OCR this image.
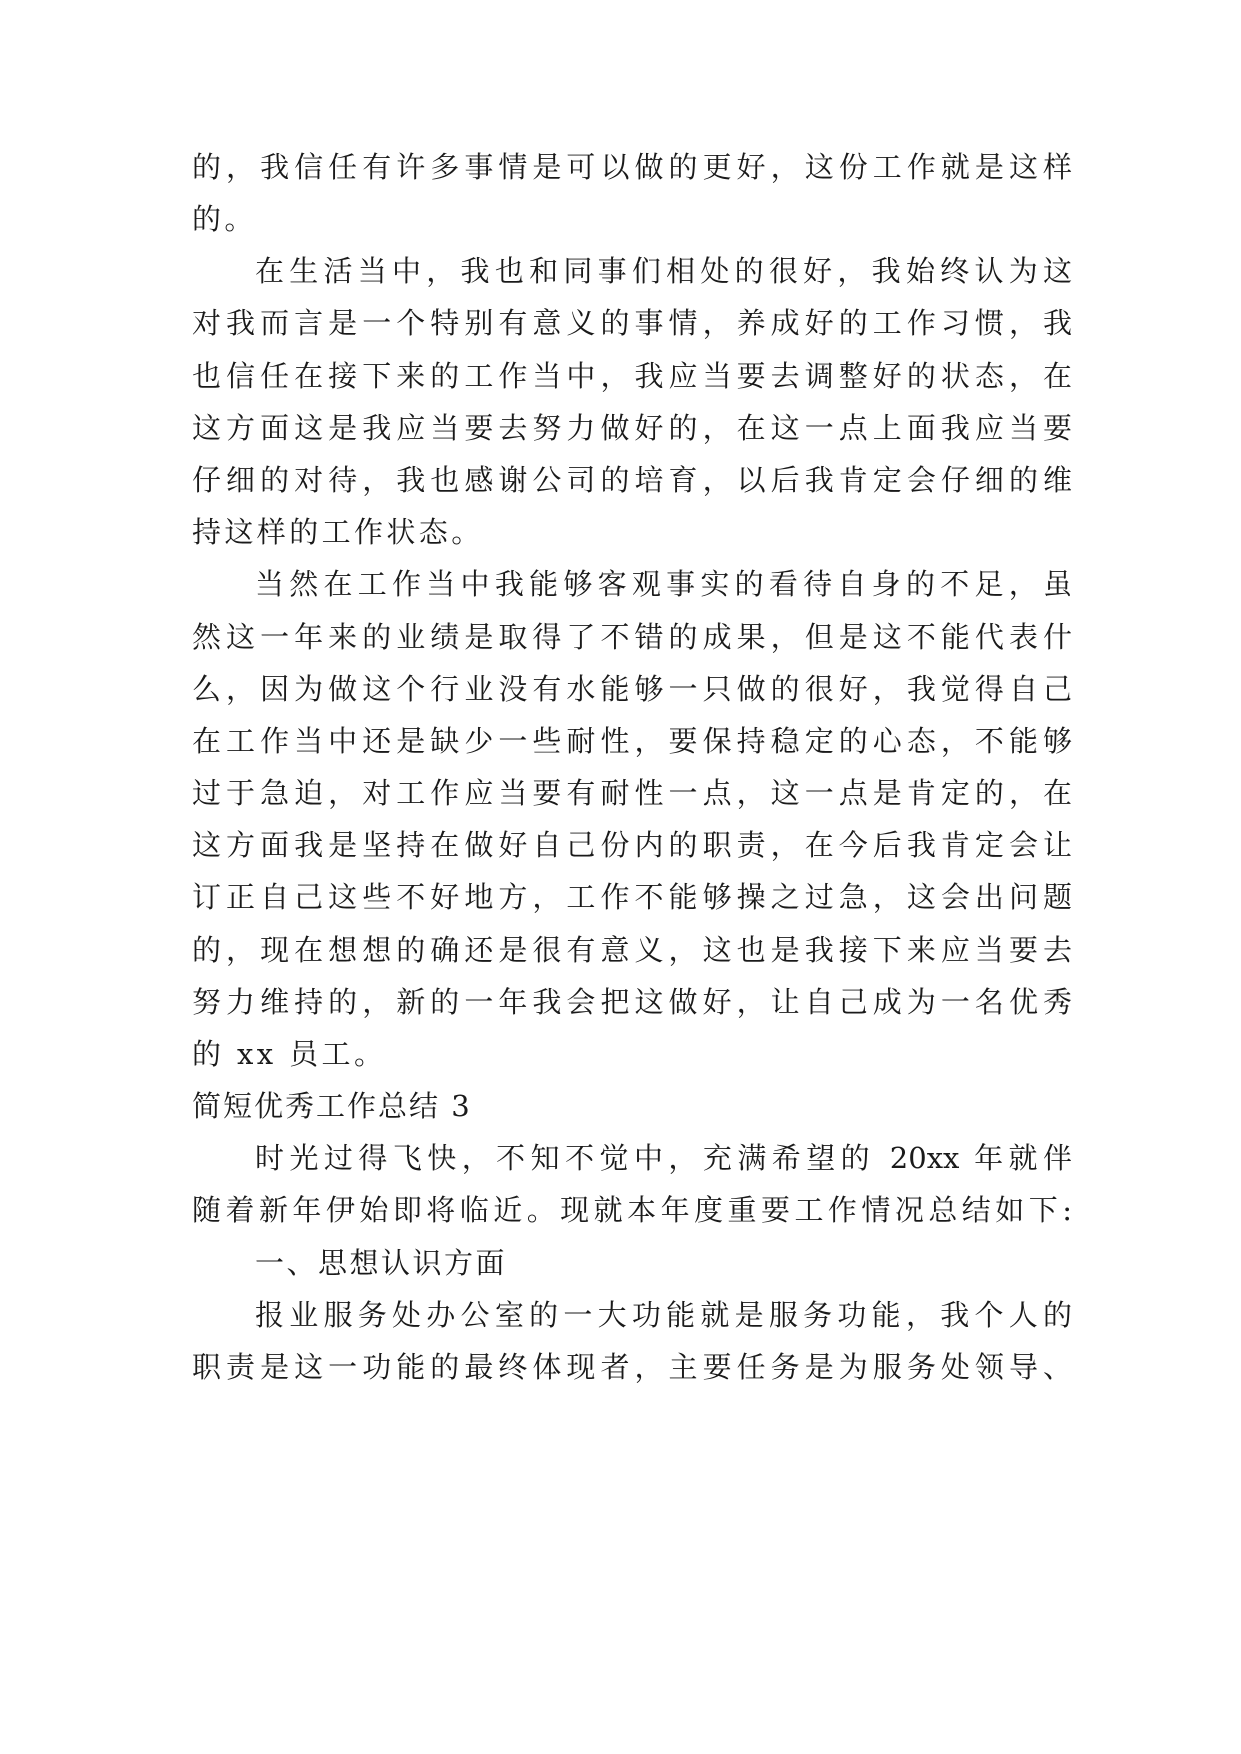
的，我信任有许多事情是可以做的更好，这份工作就是这样
的。
在生活当中，我也和同事们相处的很好，我始终认为这
对我而言是一个特别有意义的事情，养成好的工作习惯，我
也信任在接下来的工作当中，我应当要去调整好的状态，在
这方面这是我应当要去努力做好的，在这一点上面我应当要
仔细的对待，我也感谢公司的培育，以后我肯定会仔细的维
持这样的工作状态。
当然在工作当中我能够客观事实的看待自身的不足，虽
然这一年来的业绩是取得了不错的成果，但是这不能代表什
么，因为做这个行业没有水能够一只做的很好，我觉得自己
在工作当中还是缺少一些耐性，要保持稳定的心态，不能够
过于急迫，对工作应当要有耐性一点，这一点是肯定的，在
这方面我是坚持在做好自己份内的职责，在今后我肯定会让
订正自己这些不好地方，工作不能够操之过急，这会出问题
的，现在想想的确还是很有意义，这也是我接下来应当要去
努力维持的，新的一年我会把这做好，让自己成为一名优秀
的 xx 员工。
简短优秀工作总结 3
时光过得飞快，不知不觉中，充满希望的 20xx 年就伴
随着新年伊始即将临近。现就本年度重要工作情况总结如下:
一、思想认识方面
报业服务处办公室的一大功能就是服务功能，我个人的
职责是这一功能的最终体现者，主要任务是为服务处领导、
